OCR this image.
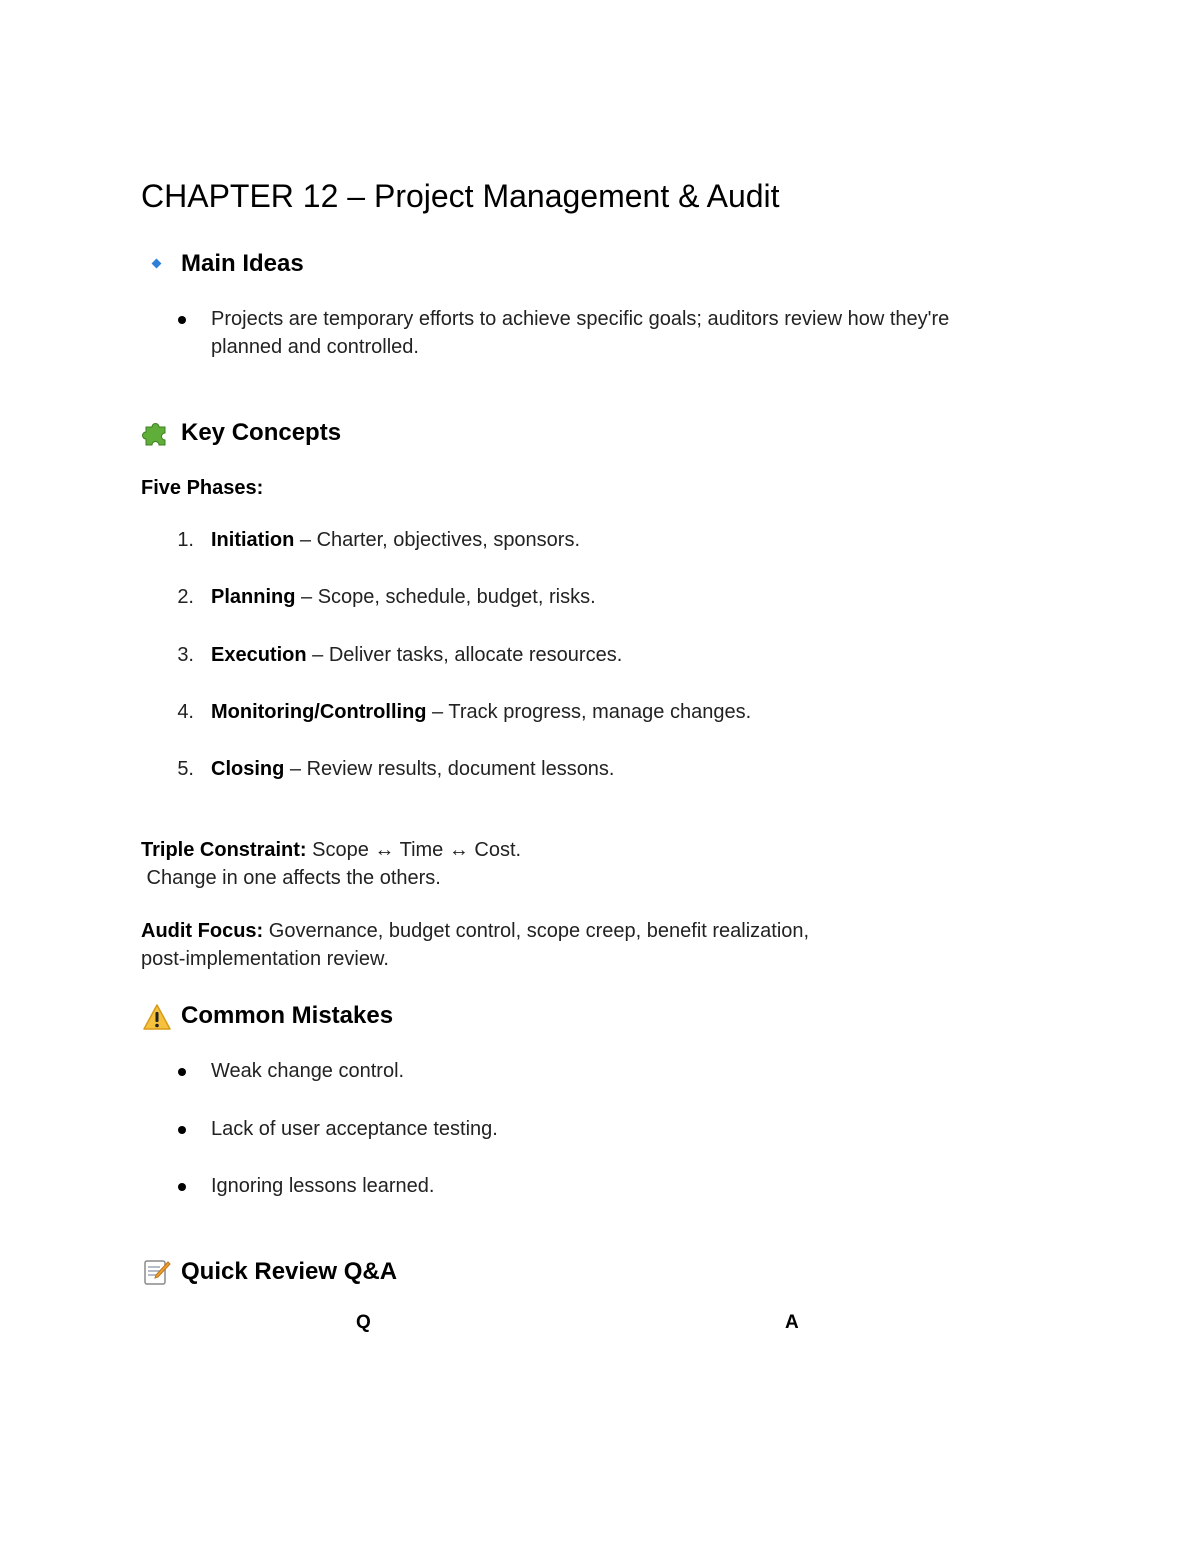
CHAPTER 12 – Project Management & Audit
Main Ideas

Projects are temporary efforts to achieve specific goals; auditors review how they're

planned and controlled.

Key Concepts

Five Phases:

1. Initiation – Charter, objectives, sponsors.

2. Planning – Scope, schedule, budget, risks.

3. Execution – Deliver tasks, allocate resources.

4. Monitoring/Controlling – Track progress, manage changes.

5. Closing – Review results, document lessons.

Triple Constraint: Scope ↔ Time ↔ Cost.

Change in one affects the others.

Audit Focus: Governance, budget control, scope creep, benefit realization,

post-implementation review.

Common Mistakes

Weak change control.

Lack of user acceptance testing.

Ignoring lessons learned.

Quick Review Q&A
Q	A
